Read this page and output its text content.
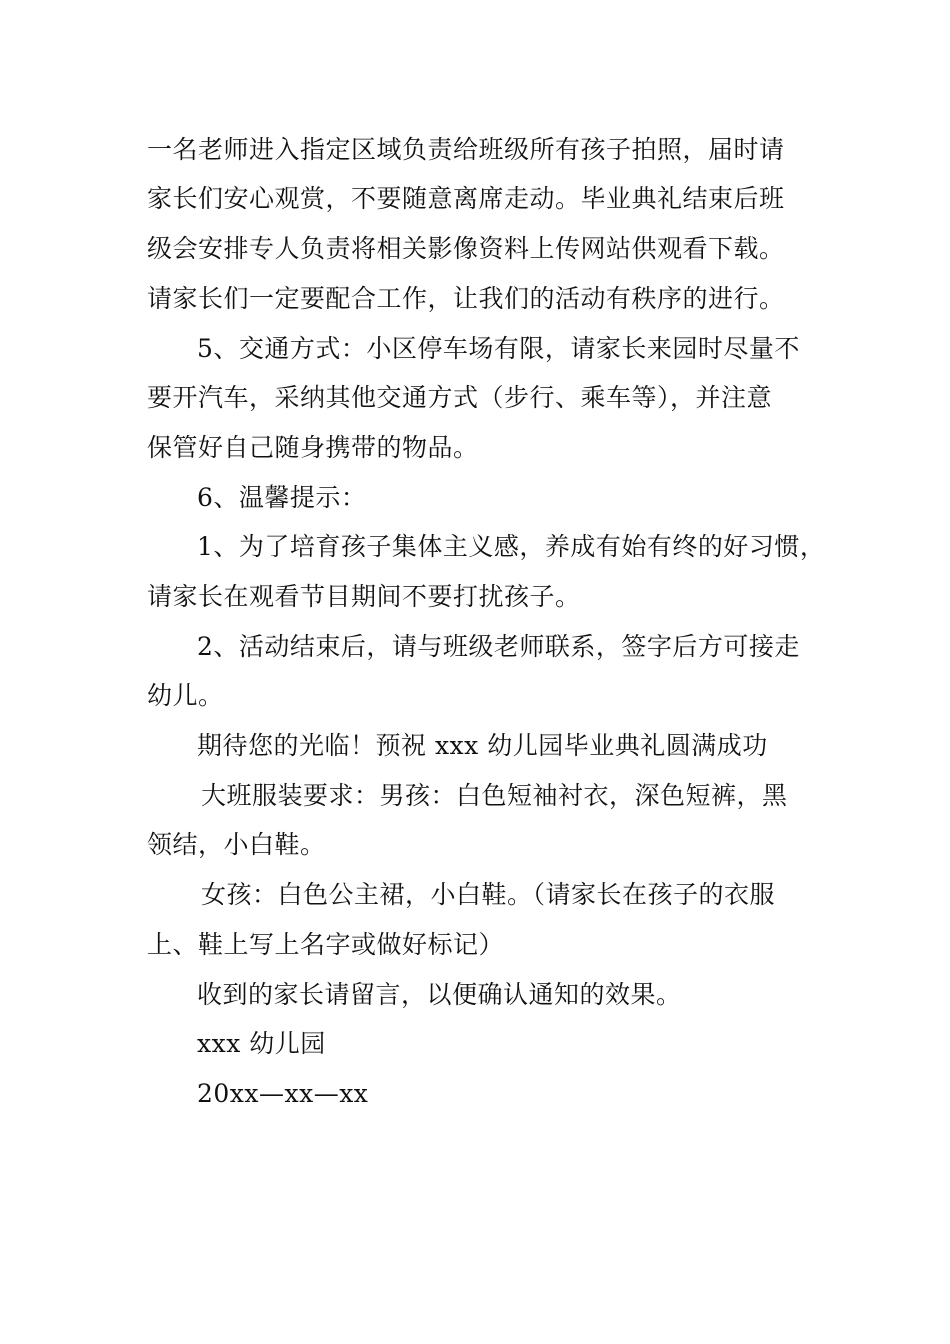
一名老师进入指定区域负责给班级所有孩子拍照，届时请
家长们安心观赏，不要随意离席走动。毕业典礼结束后班
级会安排专人负责将相关影像资料上传网站供观看下载。
请家长们一定要配合工作，让我们的活动有秩序的进行。
5、交通方式：小区停车场有限，请家长来园时尽量不
要开汽车，采纳其他交通方式（步行、乘车等），并注意
保管好自己随身携带的物品。
6、温馨提示：
1、为了培育孩子集体主义感，养成有始有终的好习惯，
请家长在观看节目期间不要打扰孩子。
2、活动结束后，请与班级老师联系，签字后方可接走
幼儿。
期待您的光临！预祝 xxx 幼儿园毕业典礼圆满成功
大班服装要求：男孩：白色短袖衬衣，深色短裤，黑
领结，小白鞋。
女孩：白色公主裙，小白鞋。（请家长在孩子的衣服
上、鞋上写上名字或做好标记）
收到的家长请留言，以便确认通知的效果。
xxx 幼儿园
20xx—xx—xx
